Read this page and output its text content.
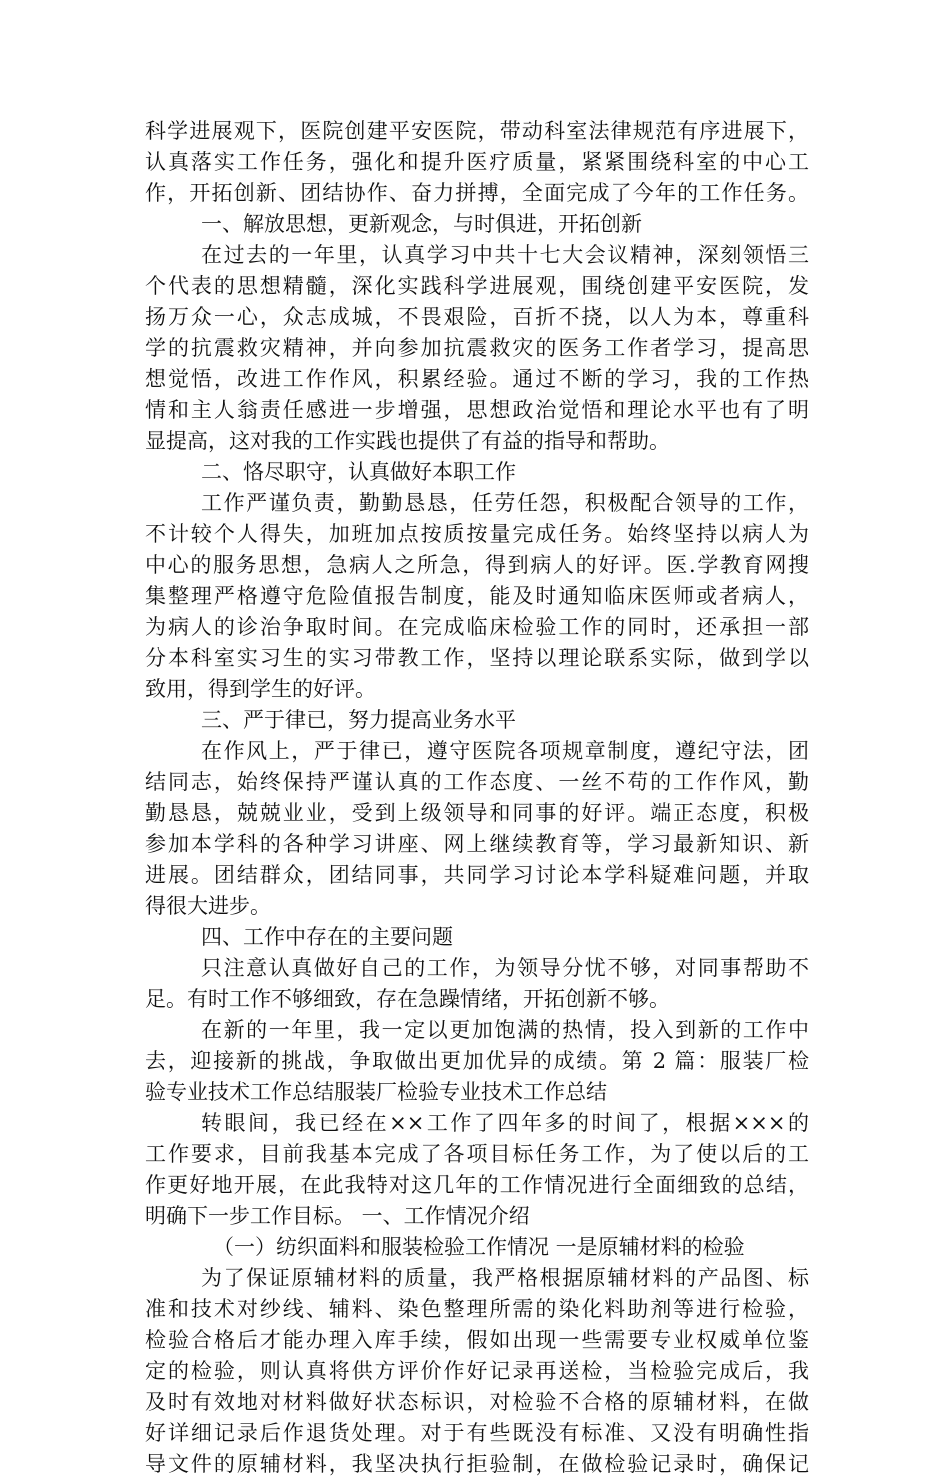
科学进展观下，医院创建平安医院，带动科室法律规范有序进展下，
认真落实工作任务，强化和提升医疗质量，紧紧围绕科室的中心工
作，开拓创新、团结协作、奋力拼搏，全面完成了今年的工作任务。
一、解放思想，更新观念，与时俱进，开拓创新
在过去的一年里，认真学习中共十七大会议精神，深刻领悟三
个代表的思想精髓，深化实践科学进展观，围绕创建平安医院，发
扬万众一心，众志成城，不畏艰险，百折不挠，以人为本，尊重科
学的抗震救灾精神，并向参加抗震救灾的医务工作者学习，提高思
想觉悟，改进工作作风，积累经验。通过不断的学习，我的工作热
情和主人翁责任感进一步增强，思想政治觉悟和理论水平也有了明
显提高，这对我的工作实践也提供了有益的指导和帮助。
二、恪尽职守，认真做好本职工作
工作严谨负责，勤勤恳恳，任劳任怨，积极配合领导的工作，
不计较个人得失，加班加点按质按量完成任务。始终坚持以病人为
中心的服务思想，急病人之所急，得到病人的好评。医.学教育网搜
集整理严格遵守危险值报告制度，能及时通知临床医师或者病人，
为病人的诊治争取时间。在完成临床检验工作的同时，还承担一部
分本科室实习生的实习带教工作，坚持以理论联系实际，做到学以
致用，得到学生的好评。
三、严于律已，努力提高业务水平
在作风上，严于律已，遵守医院各项规章制度，遵纪守法，团
结同志，始终保持严谨认真的工作态度、一丝不苟的工作作风，勤
勤恳恳，兢兢业业，受到上级领导和同事的好评。端正态度，积极
参加本学科的各种学习讲座、网上继续教育等，学习最新知识、新
进展。团结群众，团结同事，共同学习讨论本学科疑难问题，并取
得很大进步。
四、工作中存在的主要问题
只注意认真做好自己的工作，为领导分忧不够，对同事帮助不
足。有时工作不够细致，存在急躁情绪，开拓创新不够。
在新的一年里，我一定以更加饱满的热情，投入到新的工作中
去，迎接新的挑战，争取做出更加优异的成绩。第 2 篇：服装厂检
验专业技术工作总结服装厂检验专业技术工作总结
转眼间，我已经在××工作了四年多的时间了，根据×××的
工作要求，目前我基本完成了各项目标任务工作，为了使以后的工
作更好地开展，在此我特对这几年的工作情况进行全面细致的总结，
明确下一步工作目标。 一、工作情况介绍
（一）纺织面料和服装检验工作情况 一是原辅材料的检验
为了保证原辅材料的质量，我严格根据原辅材料的产品图、标
准和技术对纱线、辅料、染色整理所需的染化料助剂等进行检验，
检验合格后才能办理入库手续，假如出现一些需要专业权威单位鉴
定的检验，则认真将供方评价作好记录再送检，当检验完成后，我
及时有效地对材料做好状态标识，对检验不合格的原辅材料，在做
好详细记录后作退货处理。对于有些既没有标准、又没有明确性指
导文件的原辅材料，我坚决执行拒验制，在做检验记录时，确保记
